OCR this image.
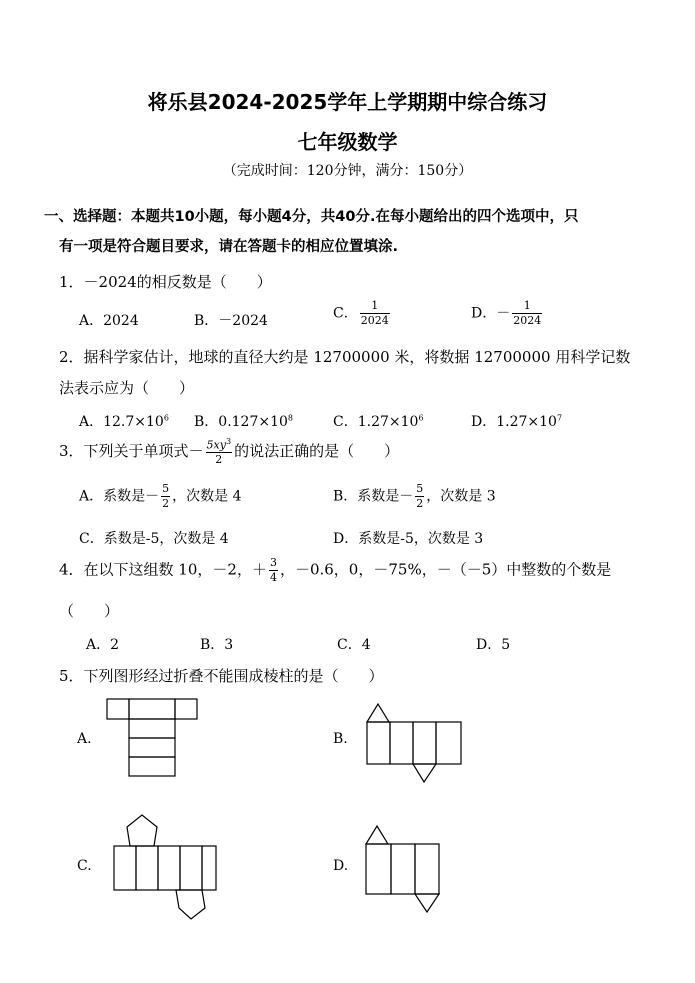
将乐县2024-2025学年上学期期中综合练习
七年级数学
（完成时间：120分钟，满分：150分）
一、选择题：本题共10小题，每小题4分，共40分.在每小题给出的四个选项中，只
有一项是符合题目要求，请在答题卡的相应位置填涂.
1．－2024的相反数是（　　）
A．2024	B．－2024	C． $\frac{1}{2024}$	D．－ $\frac{1}{2024}$
2．据科学家估计，地球的直径大约是 12700000 米，将数据 12700000 用科学记数
法表示应为（　　）
A．$12.7\times 10^6$ B．$0.127\times 10^8$	C．$1.27\times 10^6$	D．$1.27\times 10^7$
3．下列关于单项式－ $\frac{5xy^3}{2}$ 的说法正确的是（　　）
A．系数是－ $\frac{5}{2}$ ，次数是 4	B．系数是－ $\frac{5}{2}$ ，次数是 3
C．系数是-5，次数是 4	D．系数是-5，次数是 3
4．在以下这组数 10，－2，＋ $\frac{3}{4}$ ，－0.6，0，－75%，－（－5）中整数的个数是
（　　）
A．2	B．3	C．4	D．5
5．下列图形经过折叠不能围成棱柱的是（　　）
A.	B.
C.	D.
